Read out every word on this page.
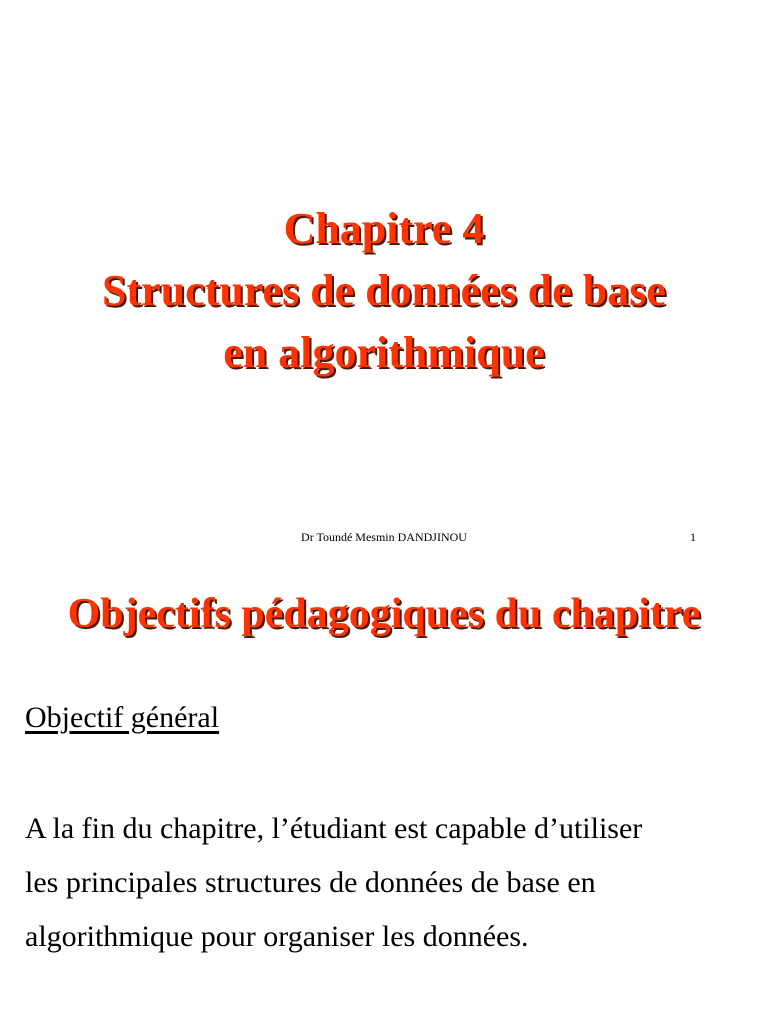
Chapitre 4
Structures de données de base
en algorithmique
Dr Toundé Mesmin DANDJINOU	1
Objectifs pédagogiques du chapitre
Objectif général
A la fin du chapitre, l’étudiant est capable d’utiliser
les principales structures de données de base en
algorithmique pour organiser les données.
